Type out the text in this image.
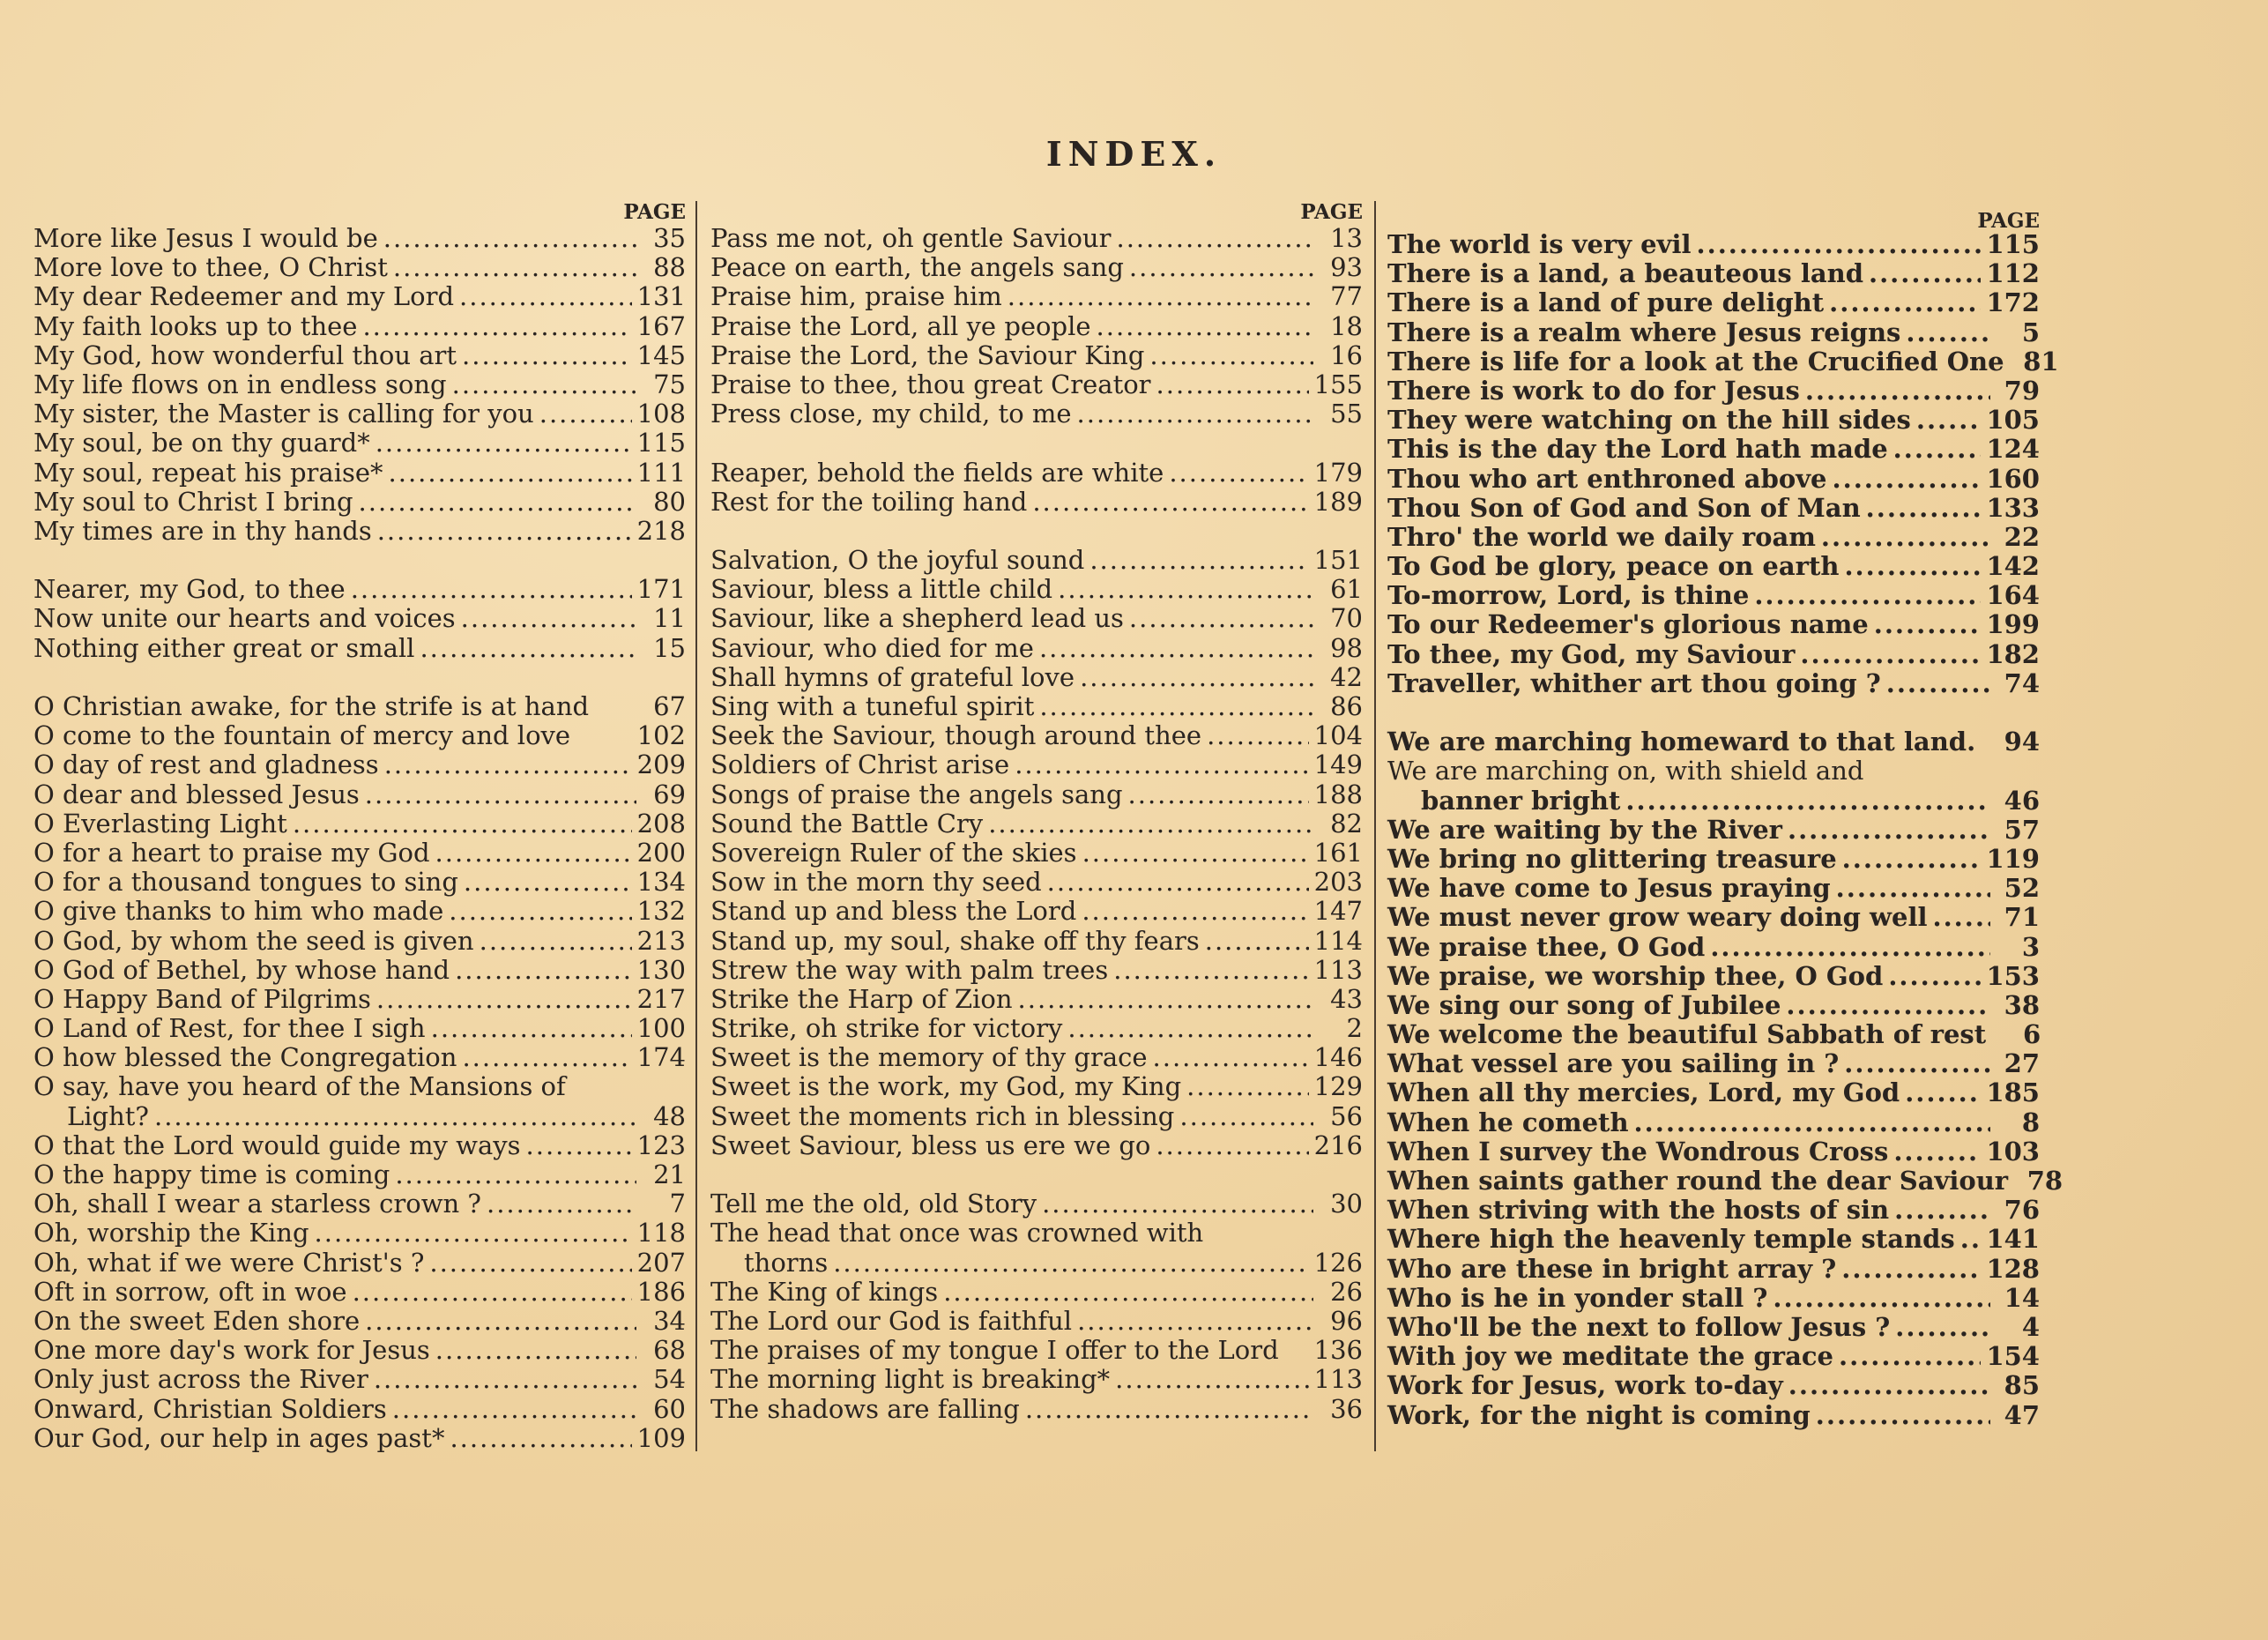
INDEX.
PAGE
More like Jesus I would be .....	35
More love to thee, O Christ .....	88
My dear Redeemer and my Lord .....	131
My faith looks up to thee .....	167
My God, how wonderful thou art .....	145
My life flows on in endless song .....	75
My sister, the Master is calling for you .....	108
My soul, be on thy guard* .....	115
My soul, repeat his praise* .....	111
My soul to Christ I bring .....	80
My times are in thy hands .....	218
Nearer, my God, to thee .....	171
Now unite our hearts and voices .....	11
Nothing either great or small .....	15
O Christian awake, for the strife is at hand	67
O come to the fountain of mercy and love	102
O day of rest and gladness .....	209
O dear and blessed Jesus .....	69
O Everlasting Light .....	208
O for a heart to praise my God .....	200
O for a thousand tongues to sing .....	134
O give thanks to him who made .....	132
O God, by whom the seed is given .....	213
O God of Bethel, by whose hand .....	130
O Happy Band of Pilgrims .....	217
O Land of Rest, for thee I sigh .....	100
O how blessed the Congregation .....	174
O say, have you heard of the Mansions of
Light? .....	48
O that the Lord would guide my ways .....	123
O the happy time is coming .....	21
Oh, shall I wear a starless crown ? .....	7
Oh, worship the King .....	118
Oh, what if we were Christ's ? .....	207
Oft in sorrow, oft in woe .....	186
On the sweet Eden shore .....	34
One more day's work for Jesus .....	68
Only just across the River .....	54
Onward, Christian Soldiers .....	60
Our God, our help in ages past* .....	109
PAGE
Pass me not, oh gentle Saviour .....	13
Peace on earth, the angels sang .....	93
Praise him, praise him .....	77
Praise the Lord, all ye people .....	18
Praise the Lord, the Saviour King .....	16
Praise to thee, thou great Creator .....	155
Press close, my child, to me .....	55
Reaper, behold the fields are white .....	179
Rest for the toiling hand .....	189
Salvation, O the joyful sound .....	151
Saviour, bless a little child .....	61
Saviour, like a shepherd lead us .....	70
Saviour, who died for me .....	98
Shall hymns of grateful love .....	42
Sing with a tuneful spirit .....	86
Seek the Saviour, though around thee .....	104
Soldiers of Christ arise .....	149
Songs of praise the angels sang .....	188
Sound the Battle Cry .....	82
Sovereign Ruler of the skies .....	161
Sow in the morn thy seed .....	203
Stand up and bless the Lord .....	147
Stand up, my soul, shake off thy fears .....	114
Strew the way with palm trees .....	113
Strike the Harp of Zion .....	43
Strike, oh strike for victory .....	2
Sweet is the memory of thy grace .....	146
Sweet is the work, my God, my King .....	129
Sweet the moments rich in blessing .....	56
Sweet Saviour, bless us ere we go .....	216
Tell me the old, old Story .....	30
The head that once was crowned with
thorns .....	126
The King of kings .....	26
The Lord our God is faithful .....	96
The praises of my tongue I offer to the Lord 136
The morning light is breaking* .....	113
The shadows are falling .....	36
PAGE
The world is very evil .....	115
There is a land, a beauteous land .....	112
There is a land of pure delight .....	172
There is a realm where Jesus reigns .....	5
There is life for a look at the Crucified One 81
There is work to do for Jesus .....	79
They were watching on the hill sides .....	105
This is the day the Lord hath made .....	124
Thou who art enthroned above .....	160
Thou Son of God and Son of Man .....	133
Thro' the world we daily roam .....	22
To God be glory, peace on earth .....	142
To-morrow, Lord, is thine .....	164
To our Redeemer's glorious name .....	199
To thee, my God, my Saviour .....	182
Traveller, whither art thou going ? .....	74
We are marching homeward to that land.	94
We are marching on, with shield and
banner bright .....	46
We are waiting by the River .....	57
We bring no glittering treasure .....	119
We have come to Jesus praying .....	52
We must never grow weary doing well .....	71
We praise thee, O God .....	3
We praise, we worship thee, O God .....	153
We sing our song of Jubilee .....	38
We welcome the beautiful Sabbath of rest	6
What vessel are you sailing in ? .....	27
When all thy mercies, Lord, my God .....	185
When he cometh .....	8
When I survey the Wondrous Cross .....	103
When saints gather round the dear Saviour 78
When striving with the hosts of sin .....	76
Where high the heavenly temple stands ..... 141
Who are these in bright array ? .....	128
Who is he in yonder stall ? .....	14
Who'll be the next to follow Jesus ? .....	4
With joy we meditate the grace .....	154
Work for Jesus, work to-day .....	85
Work, for the night is coming .....	47
